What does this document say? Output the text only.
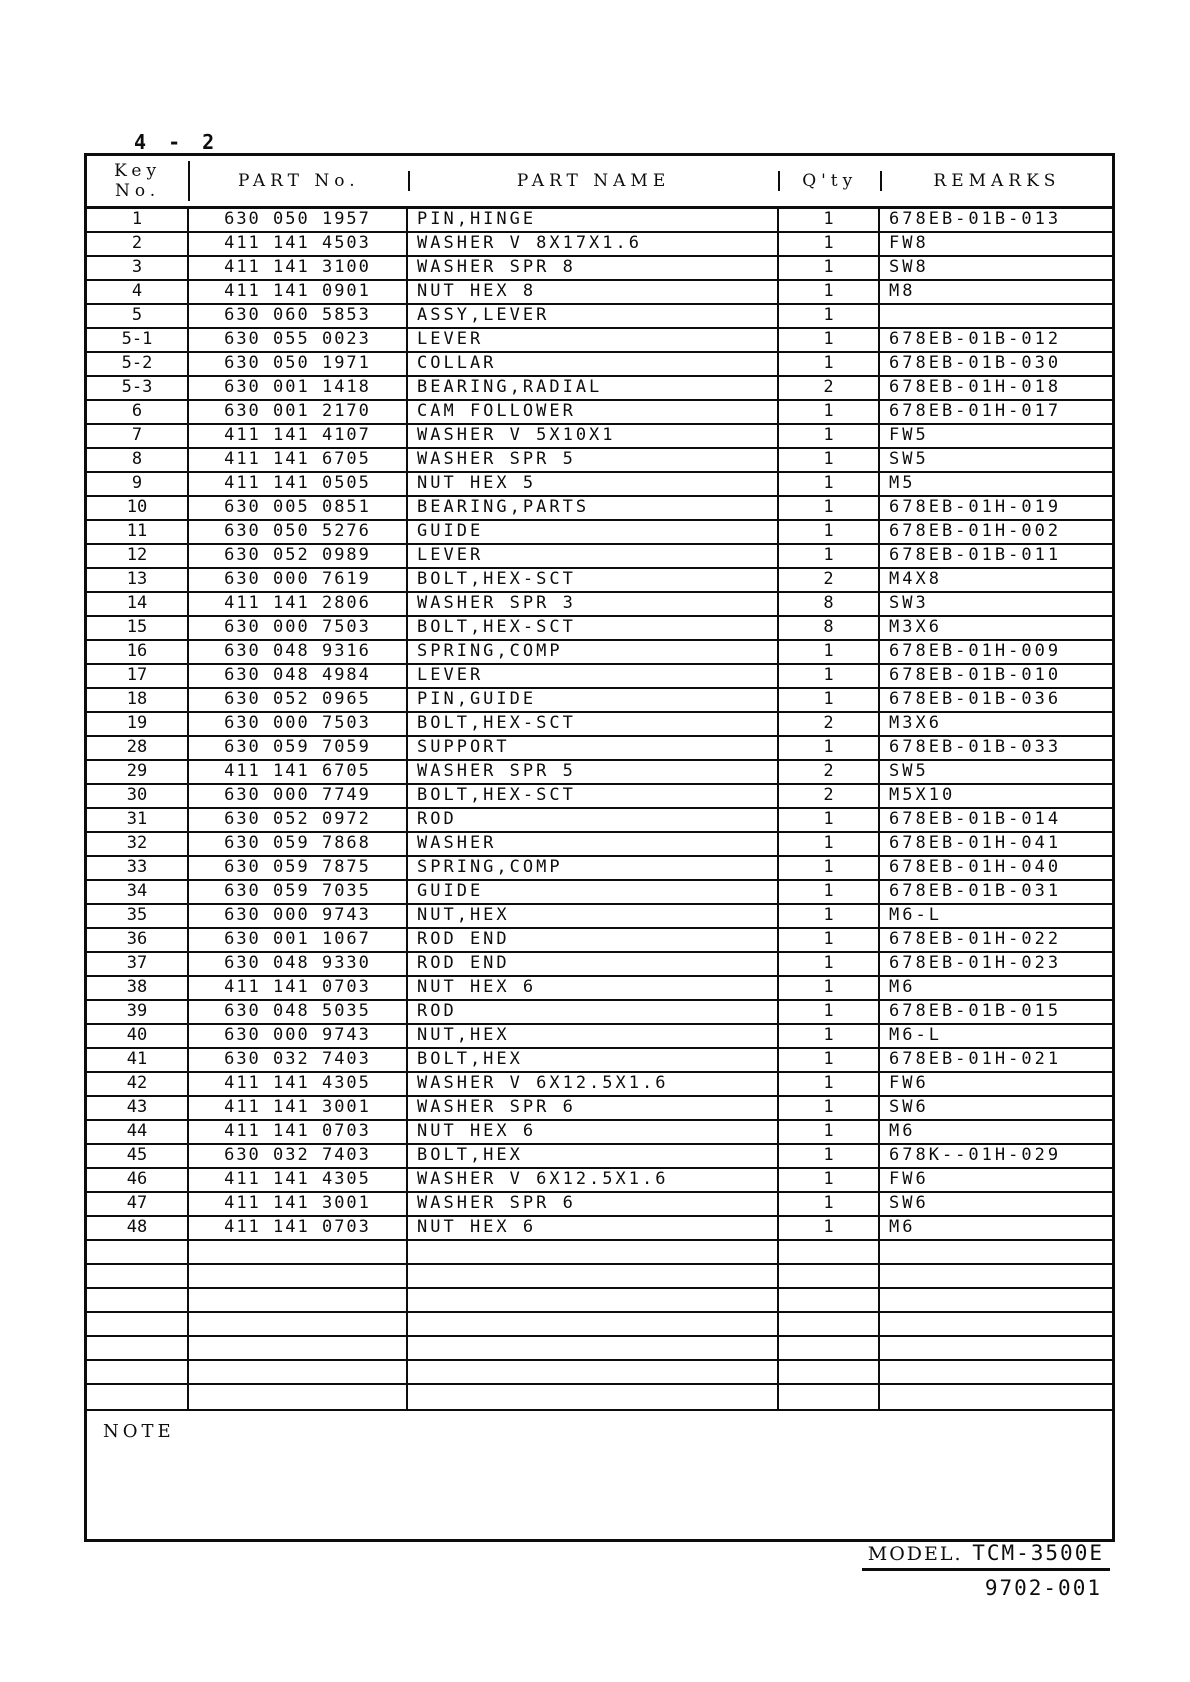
4 - 2
Key No.	PART No.	PART NAME	Q'ty	REMARKS
1	630 050 1957	PIN,HINGE	1	678EB-01B-013
2	411 141 4503	WASHER V 8X17X1.6	1	FW8
3	411 141 3100	WASHER SPR 8	1	SW8
4	411 141 0901	NUT HEX 8	1	M8
5	630 060 5853	ASSY,LEVER	1
5-1	630 055 0023	LEVER	1	678EB-01B-012
5-2	630 050 1971	COLLAR	1	678EB-01B-030
5-3	630 001 1418	BEARING,RADIAL	2	678EB-01H-018
6	630 001 2170	CAM FOLLOWER	1	678EB-01H-017
7	411 141 4107	WASHER V 5X10X1	1	FW5
8	411 141 6705	WASHER SPR 5	1	SW5
9	411 141 0505	NUT HEX 5	1	M5
10	630 005 0851	BEARING,PARTS	1	678EB-01H-019
11	630 050 5276	GUIDE	1	678EB-01H-002
12	630 052 0989	LEVER	1	678EB-01B-011
13	630 000 7619	BOLT,HEX-SCT	2	M4X8
14	411 141 2806	WASHER SPR 3	8	SW3
15	630 000 7503	BOLT,HEX-SCT	8	M3X6
16	630 048 9316	SPRING,COMP	1	678EB-01H-009
17	630 048 4984	LEVER	1	678EB-01B-010
18	630 052 0965	PIN,GUIDE	1	678EB-01B-036
19	630 000 7503	BOLT,HEX-SCT	2	M3X6
28	630 059 7059	SUPPORT	1	678EB-01B-033
29	411 141 6705	WASHER SPR 5	2	SW5
30	630 000 7749	BOLT,HEX-SCT	2	M5X10
31	630 052 0972	ROD	1	678EB-01B-014
32	630 059 7868	WASHER	1	678EB-01H-041
33	630 059 7875	SPRING,COMP	1	678EB-01H-040
34	630 059 7035	GUIDE	1	678EB-01B-031
35	630 000 9743	NUT,HEX	1	M6-L
36	630 001 1067	ROD END	1	678EB-01H-022
37	630 048 9330	ROD END	1	678EB-01H-023
38	411 141 0703	NUT HEX 6	1	M6
39	630 048 5035	ROD	1	678EB-01B-015
40	630 000 9743	NUT,HEX	1	M6-L
41	630 032 7403	BOLT,HEX	1	678EB-01H-021
42	411 141 4305	WASHER V 6X12.5X1.6	1	FW6
43	411 141 3001	WASHER SPR 6	1	SW6
44	411 141 0703	NUT HEX 6	1	M6
45	630 032 7403	BOLT,HEX	1	678K--01H-029
46	411 141 4305	WASHER V 6X12.5X1.6	1	FW6
47	411 141 3001	WASHER SPR 6	1	SW6
48	411 141 0703	NUT HEX 6	1	M6
NOTE
MODEL. TCM-3500E
9702-001
